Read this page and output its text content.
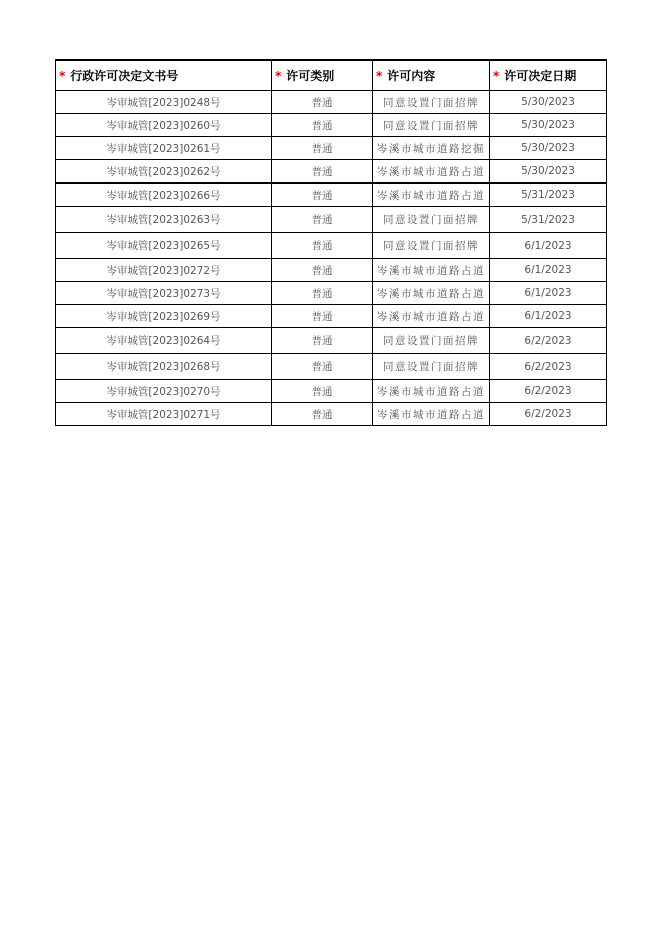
* 行政许可决定文书号	* 许可类别	* 许可内容	* 许可决定日期
岑审城管[2023]0248号	普通	同意设置门面招牌	5/30/2023
岑审城管[2023]0260号	普通	同意设置门面招牌	5/30/2023
岑审城管[2023]0261号	普通	岑溪市城市道路挖掘	5/30/2023
岑审城管[2023]0262号	普通	岑溪市城市道路占道	5/30/2023
岑审城管[2023]0266号	普通	岑溪市城市道路占道	5/31/2023
岑审城管[2023]0263号	普通	同意设置门面招牌	5/31/2023
岑审城管[2023]0265号	普通	同意设置门面招牌	6/1/2023
岑审城管[2023]0272号	普通	岑溪市城市道路占道	6/1/2023
岑审城管[2023]0273号	普通	岑溪市城市道路占道	6/1/2023
岑审城管[2023]0269号	普通	岑溪市城市道路占道	6/1/2023
岑审城管[2023]0264号	普通	同意设置门面招牌	6/2/2023
岑审城管[2023]0268号	普通	同意设置门面招牌	6/2/2023
岑审城管[2023]0270号	普通	岑溪市城市道路占道	6/2/2023
岑审城管[2023]0271号	普通	岑溪市城市道路占道	6/2/2023
